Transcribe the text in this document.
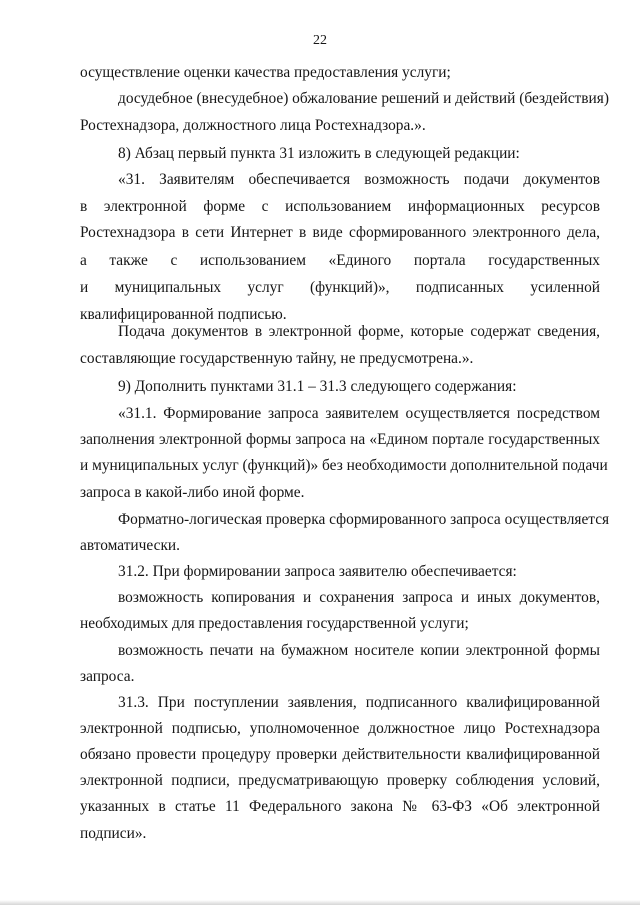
22
осуществление оценки качества предоставления услуги;
досудебное (внесудебное) обжалование решений и действий (бездействия)
Ростехнадзора, должностного лица Ростехнадзора.».
8) Абзац первый пункта 31 изложить в следующей редакции:
«31. Заявителям обеспечивается возможность подачи документов
в электронной форме с использованием информационных ресурсов
Ростехнадзора в сети Интернет в виде сформированного электронного дела,
а также с использованием «Единого портала государственных
и муниципальных услуг (функций)», подписанных усиленной
квалифицированной подписью.
Подача документов в электронной форме, которые содержат сведения,
составляющие государственную тайну, не предусмотрена.».
9) Дополнить пунктами 31.1 – 31.3 следующего содержания:
«31.1. Формирование запроса заявителем осуществляется посредством
заполнения электронной формы запроса на «Едином портале государственных
и муниципальных услуг (функций)» без необходимости дополнительной подачи
запроса в какой-либо иной форме.
Форматно-логическая проверка сформированного запроса осуществляется
автоматически.
31.2. При формировании запроса заявителю обеспечивается:
возможность копирования и сохранения запроса и иных документов,
необходимых для предоставления государственной услуги;
возможность печати на бумажном носителе копии электронной формы
запроса.
31.3. При поступлении заявления, подписанного квалифицированной
электронной подписью, уполномоченное должностное лицо Ростехнадзора
обязано провести процедуру проверки действительности квалифицированной
электронной подписи, предусматривающую проверку соблюдения условий,
указанных в статье 11 Федерального закона № 63-ФЗ «Об электронной
подписи».
